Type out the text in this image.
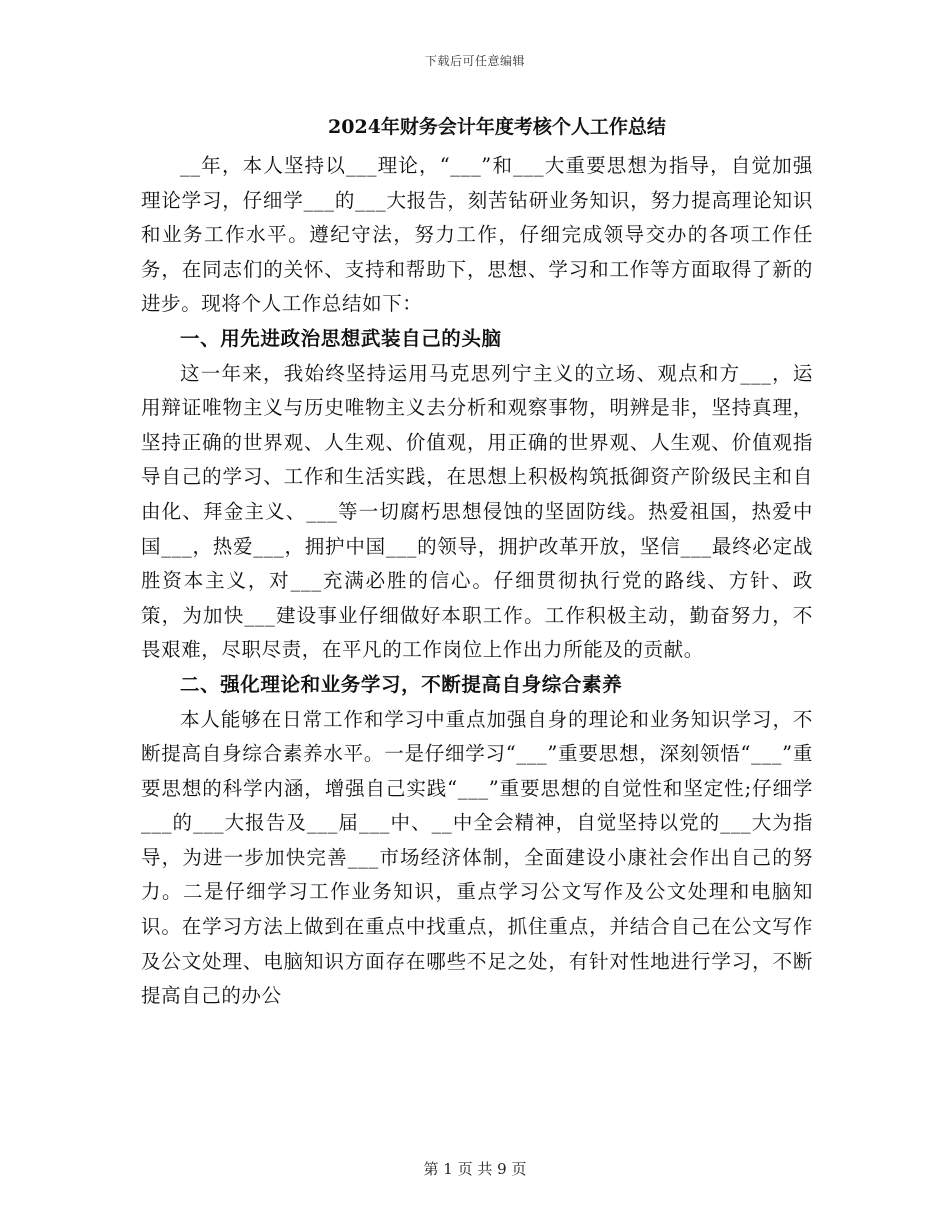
下载后可任意编辑
2024年财务会计年度考核个人工作总结

__年，本人坚持以___理论，“___”和___大重要思想为指导，自觉加强理论学习，仔细学___的___大报告，刻苦钻研业务知识，努力提高理论知识和业务工作水平。遵纪守法，努力工作，仔细完成领导交办的各项工作任务，在同志们的关怀、支持和帮助下，思想、学习和工作等方面取得了新的进步。现将个人工作总结如下：

一、用先进政治思想武装自己的头脑

这一年来，我始终坚持运用马克思列宁主义的立场、观点和方___，运用辩证唯物主义与历史唯物主义去分析和观察事物，明辨是非，坚持真理，坚持正确的世界观、人生观、价值观，用正确的世界观、人生观、价值观指导自己的学习、工作和生活实践，在思想上积极构筑抵御资产阶级民主和自由化、拜金主义、___等一切腐朽思想侵蚀的坚固防线。热爱祖国，热爱中国___，热爱___，拥护中国___的领导，拥护改革开放，坚信___最终必定战胜资本主义，对___充满必胜的信心。仔细贯彻执行党的路线、方针、政策，为加快___建设事业仔细做好本职工作。工作积极主动，勤奋努力，不畏艰难，尽职尽责，在平凡的工作岗位上作出力所能及的贡献。

二、强化理论和业务学习，不断提高自身综合素养

本人能够在日常工作和学习中重点加强自身的理论和业务知识学习，不断提高自身综合素养水平。一是仔细学习“___”重要思想，深刻领悟“___”重要思想的科学内涵，增强自己实践“___”重要思想的自觉性和坚定性;仔细学___的___大报告及___届___中、__中全会精神，自觉坚持以党的___大为指导，为进一步加快完善___市场经济体制，全面建设小康社会作出自己的努力。二是仔细学习工作业务知识，重点学习公文写作及公文处理和电脑知识。在学习方法上做到在重点中找重点，抓住重点，并结合自己在公文写作及公文处理、电脑知识方面存在哪些不足之处，有针对性地进行学习，不断提高自己的办公

第 1 页 共 9 页
